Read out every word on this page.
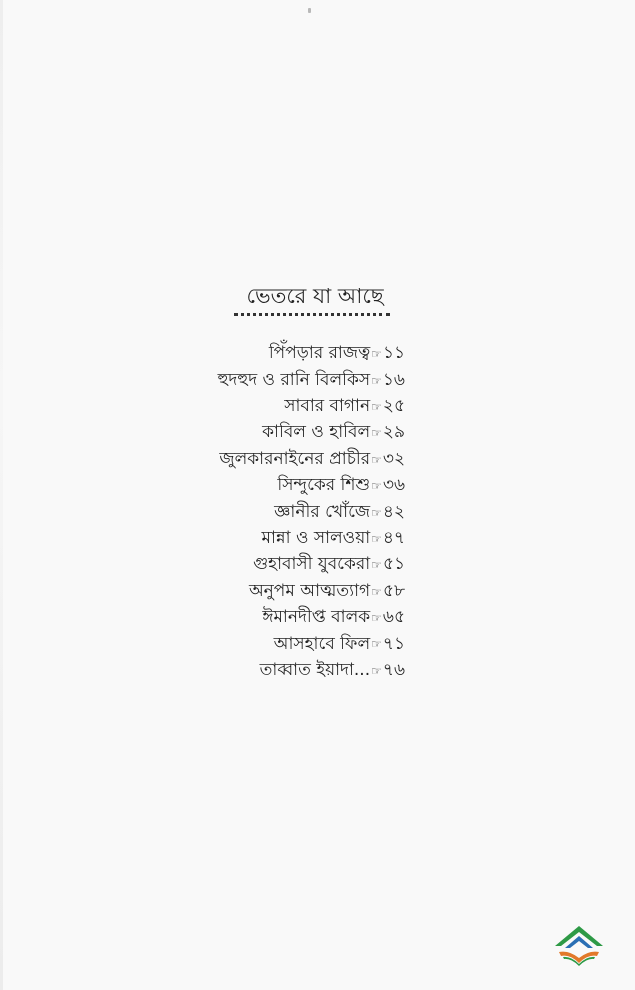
ভেতরে যা আছে
পিঁপড়ার রাজত্ব ☞ ১১
হুদহুদ ও রানি বিলকিস ☞ ১৬
সাবার বাগান ☞ ২৫
কাবিল ও হাবিল ☞ ২৯
জুলকারনাইনের প্রাচীর ☞ ৩২
সিন্দুকের শিশু ☞ ৩৬
জ্ঞানীর খোঁজে ☞ ৪২
মান্না ও সালওয়া ☞ ৪৭
গুহাবাসী যুবকেরা ☞ ৫১
অনুপম আত্মত্যাগ ☞ ৫৮
ঈমানদীপ্ত বালক ☞ ৬৫
আসহাবে ফিল ☞ ৭১
তাব্বাত ইয়াদা... ☞ ৭৬
